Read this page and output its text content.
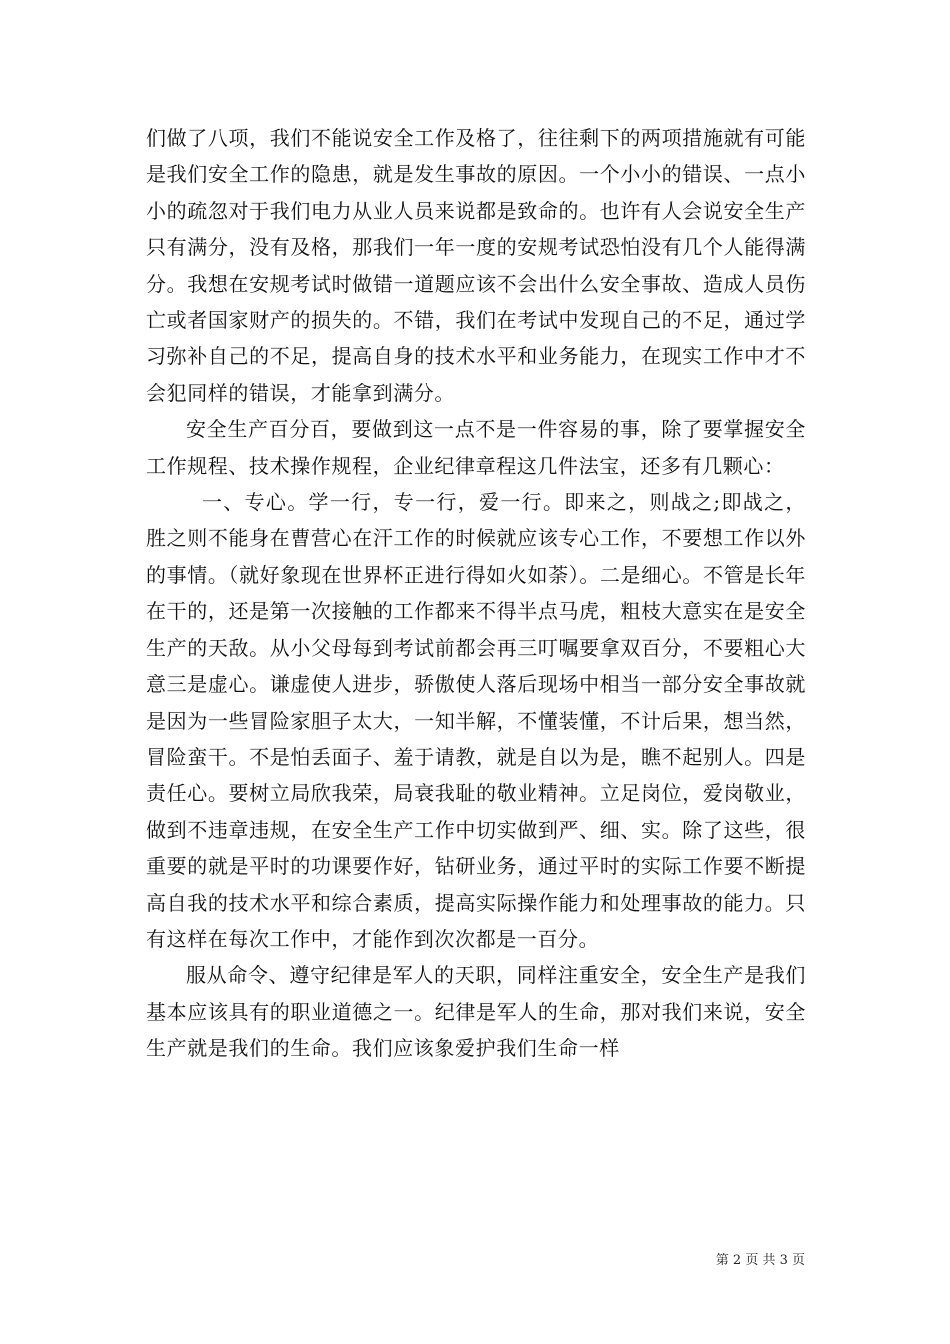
们做了八项，我们不能说安全工作及格了，往往剩下的两项措施就有可能是我们安全工作的隐患，就是发生事故的原因。一个小小的错误、一点小小的疏忽对于我们电力从业人员来说都是致命的。也许有人会说安全生产只有满分，没有及格，那我们一年一度的安规考试恐怕没有几个人能得满分。我想在安规考试时做错一道题应该不会出什么安全事故、造成人员伤亡或者国家财产的损失的。不错，我们在考试中发现自己的不足，通过学习弥补自己的不足，提高自身的技术水平和业务能力，在现实工作中才不会犯同样的错误，才能拿到满分。

安全生产百分百，要做到这一点不是一件容易的事，除了要掌握安全工作规程、技术操作规程，企业纪律章程这几件法宝，还多有几颗心：

一、专心。学一行，专一行，爱一行。即来之，则战之;即战之，胜之则不能身在曹营心在汗工作的时候就应该专心工作，不要想工作以外的事情。（就好象现在世界杯正进行得如火如荼）。二是细心。不管是长年在干的，还是第一次接触的工作都来不得半点马虎，粗枝大意实在是安全生产的天敌。从小父母每到考试前都会再三叮嘱要拿双百分，不要粗心大意三是虚心。谦虚使人进步，骄傲使人落后现场中相当一部分安全事故就是因为一些冒险家胆子太大，一知半解，不懂装懂，不计后果，想当然，冒险蛮干。不是怕丢面子、羞于请教，就是自以为是，瞧不起别人。四是责任心。要树立局欣我荣，局衰我耻的敬业精神。立足岗位，爱岗敬业，做到不违章违规，在安全生产工作中切实做到严、细、实。除了这些，很重要的就是平时的功课要作好，钻研业务，通过平时的实际工作要不断提高自我的技术水平和综合素质，提高实际操作能力和处理事故的能力。只有这样在每次工作中，才能作到次次都是一百分。

服从命令、遵守纪律是军人的天职，同样注重安全，安全生产是我们基本应该具有的职业道德之一。纪律是军人的生命，那对我们来说，安全生产就是我们的生命。我们应该象爱护我们生命一样

第 2 页 共 3 页
